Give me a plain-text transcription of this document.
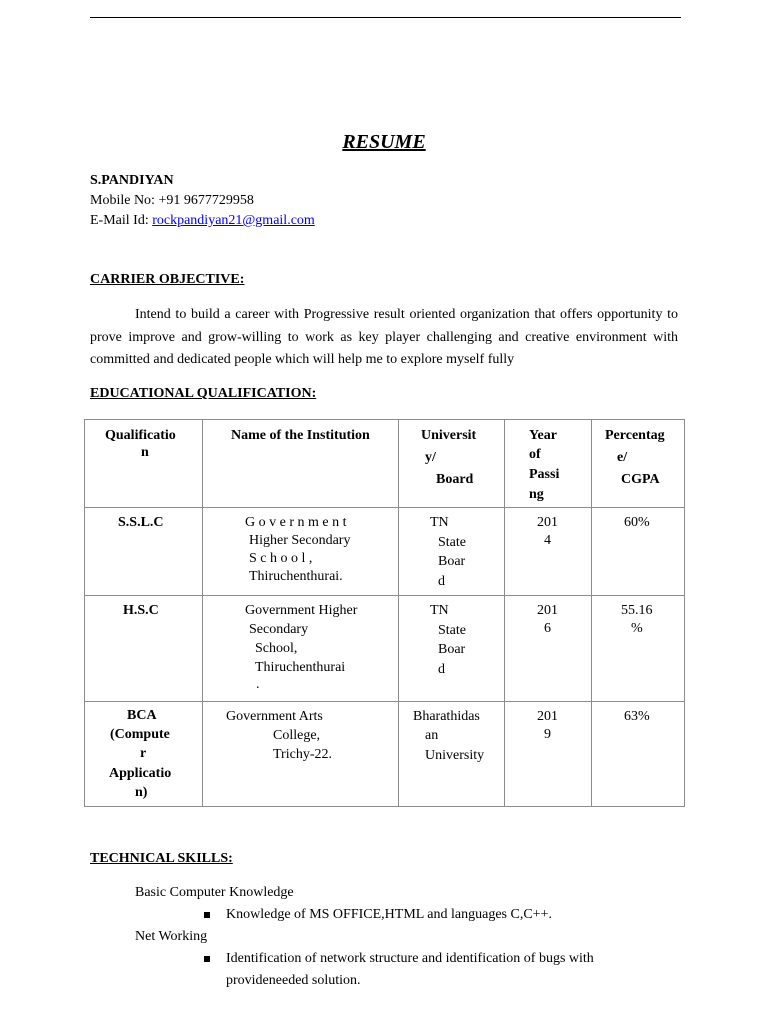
RESUME
S.PANDIYAN
Mobile No: +91 9677729958
E-Mail Id: rockpandiyan21@gmail.com
CARRIER OBJECTIVE:
Intend to build a career with Progressive result oriented organization that offers opportunity to prove improve and grow-willing to work as key player challenging and creative environment with committed and dedicated people which will help me to explore myself fully
EDUCATIONAL QUALIFICATION:
Qualificatio
n	Name of the Institution	Universit
y/
Board	Year
of
Passi
ng	Percentag
e/
CGPA

S.S.L.C	G o v e r n m e n t
Higher Secondary
S c h o o l ,
Thiruchenthurai.	TN
State
Boar
d	201
4	60%

H.S.C	Government Higher
Secondary
School,
Thiruchenthurai
.	TN
State
Boar
d	201
6	55.16
%

BCA
(Compute
r
Applicatio
n)	Government Arts
College,
Trichy-22.	Bharathidas
an
University	201
9	63%
TECHNICAL SKILLS:
Basic Computer Knowledge
Knowledge of MS OFFICE,HTML and languages C,C++.
Net Working
Identification of network structure and identification of bugs with
provideneeded solution.
